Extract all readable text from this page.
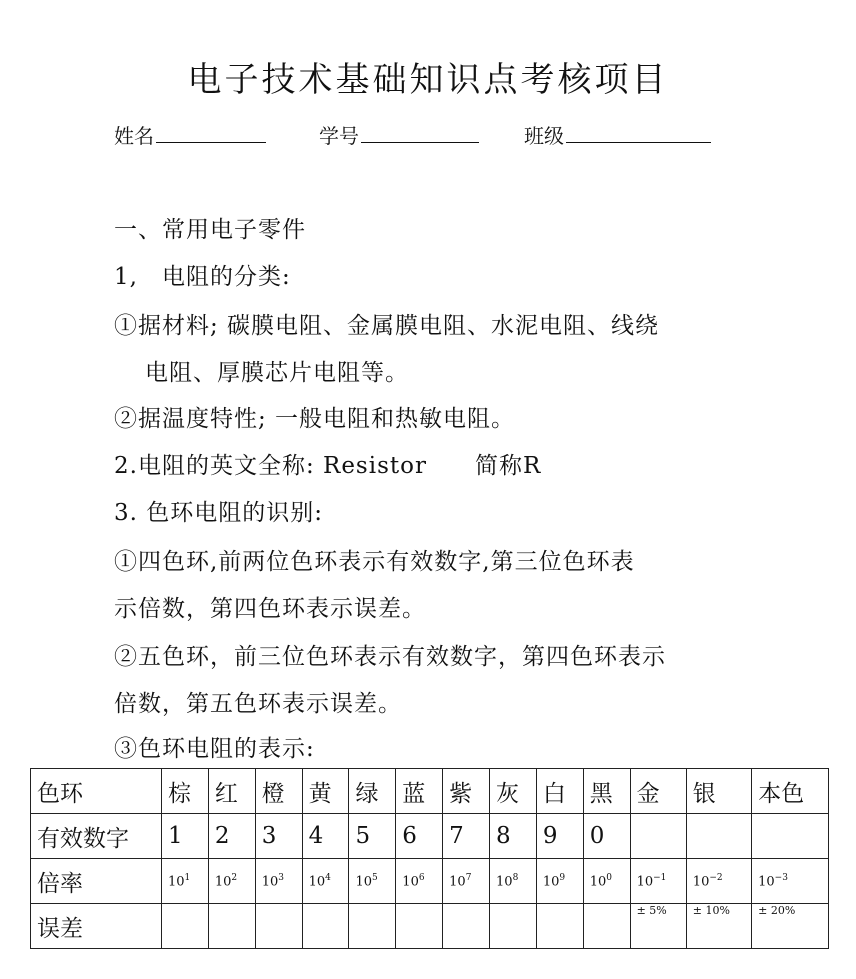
电子技术基础知识点考核项目
姓名	学号	班级
一、常用电子零件
1,　电阻的分类:
①据材料; 碳膜电阻、金属膜电阻、水泥电阻、线绕
电阻、厚膜芯片电阻等。
②据温度特性; 一般电阻和热敏电阻。
2.电阻的英文全称: Resistor　　简称R
3. 色环电阻的识别:
①四色环,前两位色环表示有效数字,第三位色环表
示倍数，第四色环表示误差。
②五色环，前三位色环表示有效数字，第四色环表示
倍数，第五色环表示误差。
③色环电阻的表示:
色环	棕	红	橙	黄	绿	蓝	紫	灰	白	黑	金	银	本色
有效数字	1	2	3	4	5	6	7	8	9	0			
倍率	$10^1$	$10^2$	$10^3$	$10^4$	$10^5$	$10^6$	$10^7$	$10^8$	$10^9$	$10^0$	$10^{-1}$	$10^{-2}$	$10^{-3}$
误差											± 5%	± 10%	± 20%
